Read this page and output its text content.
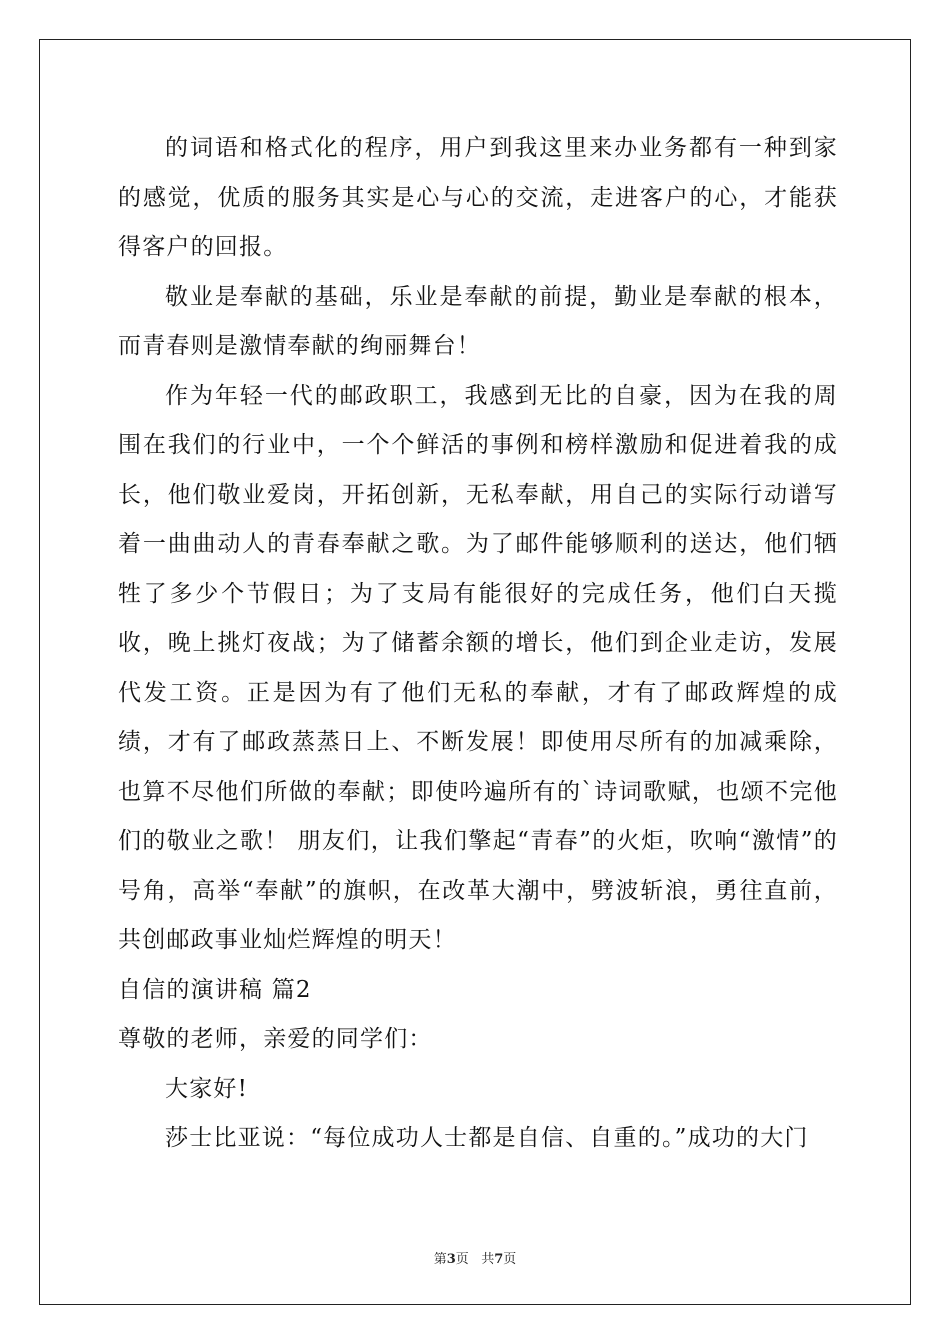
的词语和格式化的程序，用户到我这里来办业务都有一种到家的感觉，优质的服务其实是心与心的交流，走进客户的心，才能获得客户的回报。

敬业是奉献的基础，乐业是奉献的前提，勤业是奉献的根本，而青春则是激情奉献的绚丽舞台！

作为年轻一代的邮政职工，我感到无比的自豪，因为在我的周围在我们的行业中，一个个鲜活的事例和榜样激励和促进着我的成长，他们敬业爱岗，开拓创新，无私奉献，用自己的实际行动谱写着一曲曲动人的青春奉献之歌。为了邮件能够顺利的送达，他们牺牲了多少个节假日；为了支局有能很好的完成任务，他们白天揽收，晚上挑灯夜战；为了储蓄余额的增长，他们到企业走访，发展代发工资。正是因为有了他们无私的奉献，才有了邮政辉煌的成绩，才有了邮政蒸蒸日上、不断发展！即使用尽所有的加减乘除，也算不尽他们所做的奉献；即使吟遍所有的`诗词歌赋，也颂不完他们的敬业之歌！ 朋友们，让我们擎起“青春”的火炬，吹响“激情”的号角，高举“奉献”的旗帜，在改革大潮中，劈波斩浪，勇往直前，共创邮政事业灿烂辉煌的明天！

自信的演讲稿 篇2

尊敬的老师，亲爱的同学们：

大家好!

莎士比亚说：“每位成功人士都是自信、自重的。”成功的大门

第3页 共7页
